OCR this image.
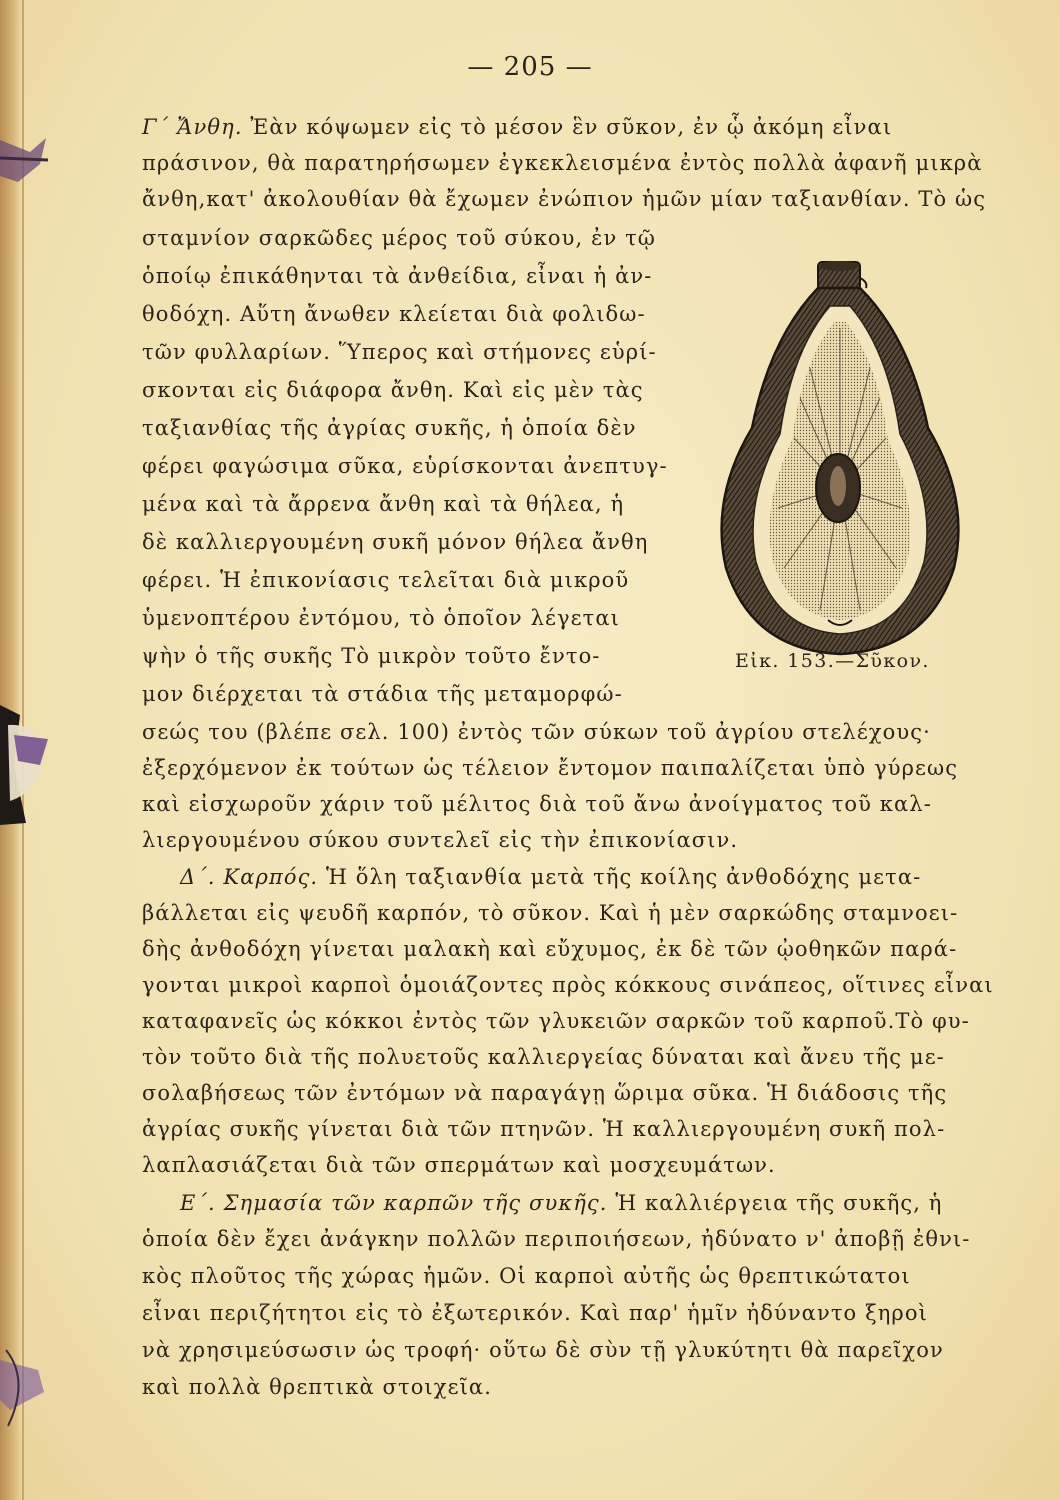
— 205 —
Γ΄ Ἄνθη. Ἐὰν κόψωμεν εἰς τὸ μέσον ἓν σῦκον, ἐν ᾧ ἀκόμη εἶναι
πράσινον, θὰ παρατηρήσωμεν ἐγκεκλεισμένα ἐντὸς πολλὰ ἀφανῆ μικρὰ
ἄνθη,κατ' ἀκολουθίαν θὰ ἔχωμεν ἐνώπιον ἡμῶν μίαν ταξιανθίαν. Τὸ ὡς
σταμνίον σαρκῶδες μέρος τοῦ σύκου, ἐν τῷ
ὁποίῳ ἐπικάθηνται τὰ ἀνθείδια, εἶναι ἡ ἀν-
θοδόχη. Αὕτη ἄνωθεν κλείεται διὰ φολιδω-
τῶν φυλλαρίων. Ὕπερος καὶ στήμονες εὑρί-
σκονται εἰς διάφορα ἄνθη. Καὶ εἰς μὲν τὰς
ταξιανθίας τῆς ἀγρίας συκῆς, ἡ ὁποία δὲν
φέρει φαγώσιμα σῦκα, εὑρίσκονται ἀνεπτυγ-
μένα καὶ τὰ ἄρρενα ἄνθη καὶ τὰ θήλεα, ἡ
δὲ καλλιεργουμένη συκῆ μόνον θήλεα ἄνθη
φέρει. Ἡ ἐπικονίασις τελεῖται διὰ μικροῦ
ὑμενοπτέρου ἐντόμου, τὸ ὁποῖον λέγεται
ψὴν ὁ τῆς συκῆς Τὸ μικρὸν τοῦτο ἔντο-
μον διέρχεται τὰ στάδια τῆς μεταμορφώ-
σεώς του (βλέπε σελ. 100) ἐντὸς τῶν σύκων τοῦ ἀγρίου στελέχους·
ἐξερχόμενον ἐκ τούτων ὡς τέλειον ἔντομον παιπαλίζεται ὑπὸ γύρεως
καὶ εἰσχωροῦν χάριν τοῦ μέλιτος διὰ τοῦ ἄνω ἀνοίγματος τοῦ καλ-
λιεργουμένου σύκου συντελεῖ εἰς τὴν ἐπικονίασιν.
Δ΄. Καρπός. Ἡ ὅλη ταξιανθία μετὰ τῆς κοίλης ἀνθοδόχης μετα-
βάλλεται εἰς ψευδῆ καρπόν, τὸ σῦκον. Καὶ ἡ μὲν σαρκώδης σταμνοει-
δὴς ἀνθοδόχη γίνεται μαλακὴ καὶ εὔχυμος, ἐκ δὲ τῶν ᾠοθηκῶν παρά-
γονται μικροὶ καρποὶ ὁμοιάζοντες πρὸς κόκκους σινάπεος, οἵτινες εἶναι
καταφανεῖς ὡς κόκκοι ἐντὸς τῶν γλυκειῶν σαρκῶν τοῦ καρποῦ.Τὸ φυ-
τὸν τοῦτο διὰ τῆς πολυετοῦς καλλιεργείας δύναται καὶ ἄνευ τῆς με-
σολαβήσεως τῶν ἐντόμων νὰ παραγάγῃ ὥριμα σῦκα. Ἡ διάδοσις τῆς
ἀγρίας συκῆς γίνεται διὰ τῶν πτηνῶν. Ἡ καλλιεργουμένη συκῆ πολ-
λαπλασιάζεται διὰ τῶν σπερμάτων καὶ μοσχευμάτων.
Ε΄. Σημασία τῶν καρπῶν τῆς συκῆς. Ἡ καλλιέργεια τῆς συκῆς, ἡ
ὁποία δὲν ἔχει ἀνάγκην πολλῶν περιποιήσεων, ἠδύνατο ν' ἀποβῇ ἐθνι-
κὸς πλοῦτος τῆς χώρας ἡμῶν. Οἱ καρποὶ αὐτῆς ὡς θρεπτικώτατοι
εἶναι περιζήτητοι εἰς τὸ ἐξωτερικόν. Καὶ παρ' ἡμῖν ἠδύναντο ξηροὶ
νὰ χρησιμεύσωσιν ὡς τροφή· οὕτω δὲ σὺν τῇ γλυκύτητι θὰ παρεῖχον
καὶ πολλὰ θρεπτικὰ στοιχεῖα.
Εἰκ. 153.—Σῦκον.
